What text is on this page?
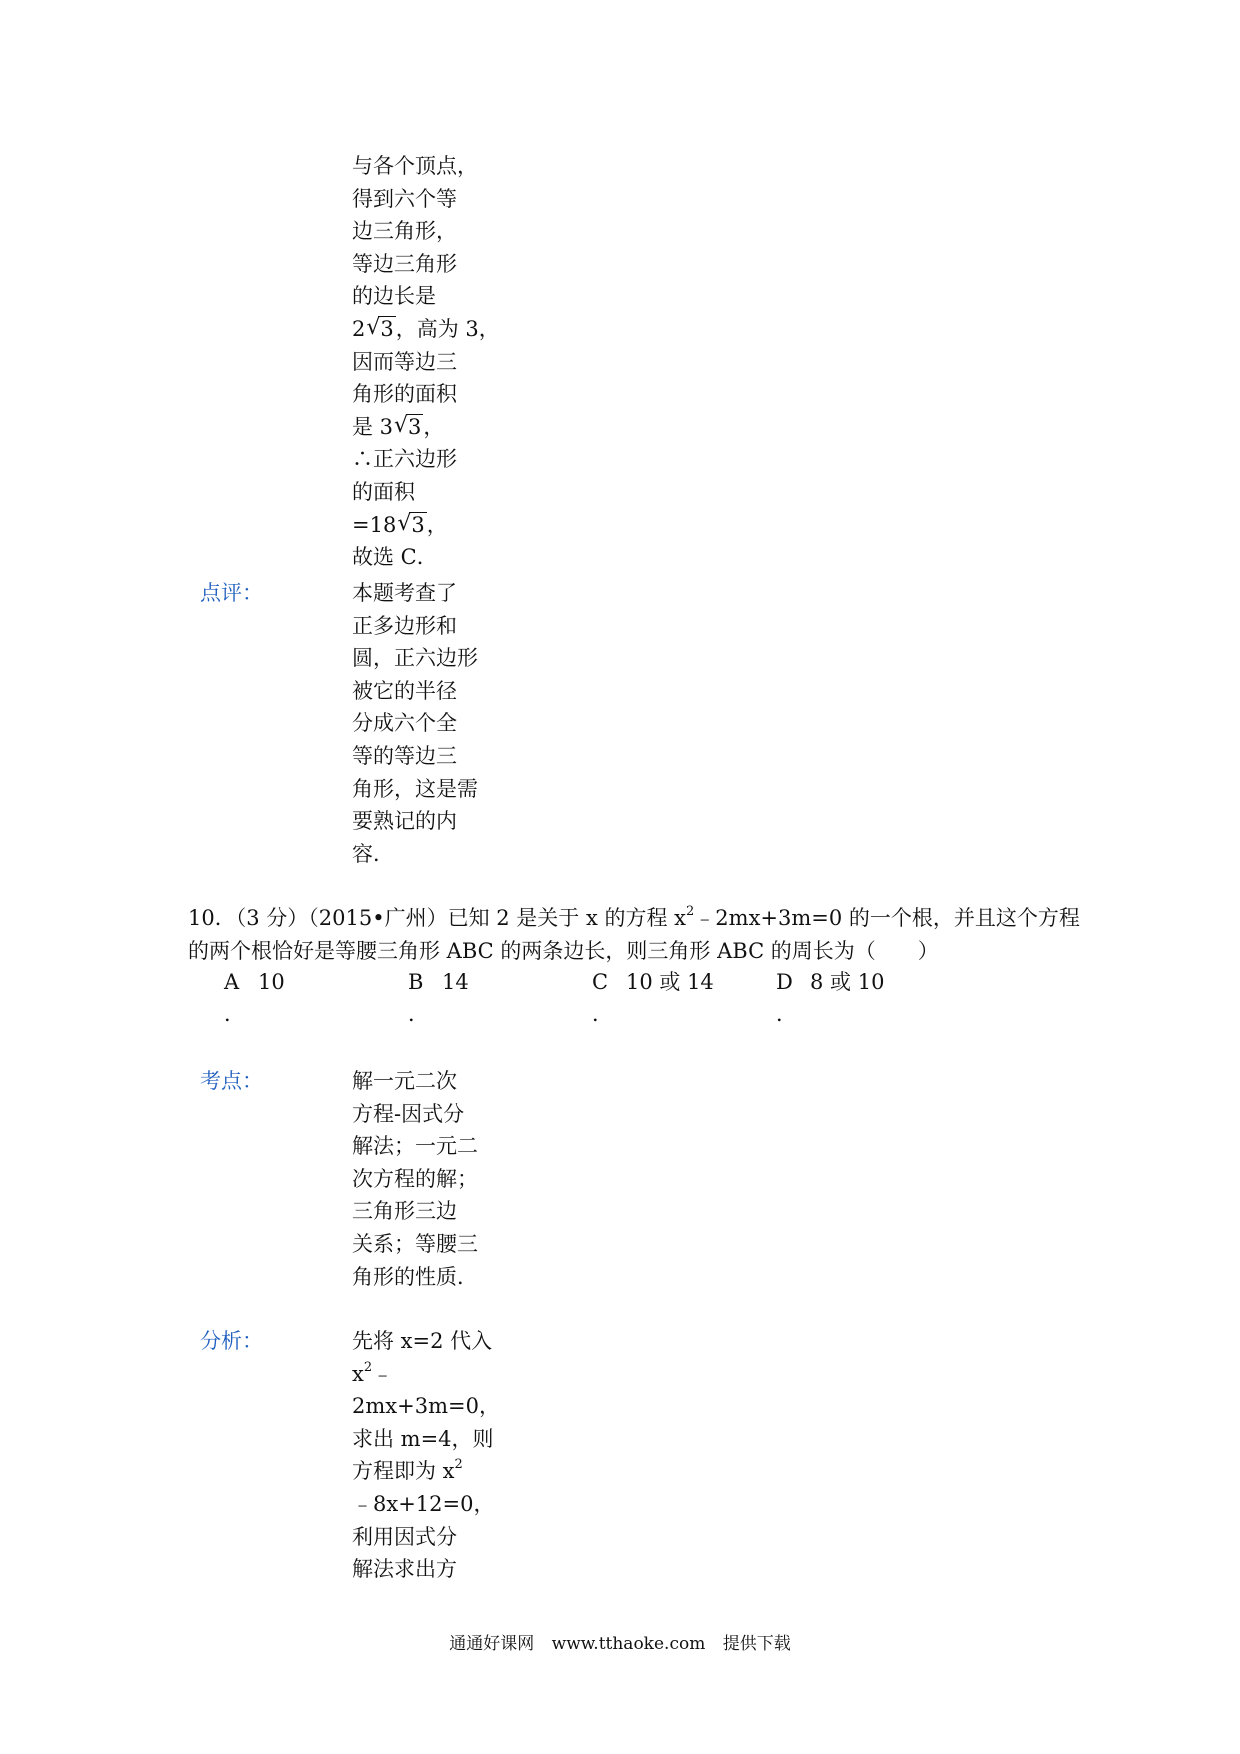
与各个顶点，
得到六个等
边三角形，
等边三角形
的边长是
2 √ 3，高为 3，
因而等边三
角形的面积
是 3 √ 3，
∴正六边形
的面积
=18 √ 3，
故选 C．
点评：	本题考查了
正多边形和
圆，正六边形
被它的半径
分成六个全
等的等边三
角形，这是需
要熟记的内
容．
10．（3 分）（2015•广州）已知 2 是关于 x 的方程 $x^2﹣2mx+3m=0$ 的一个根，并且这个方程
的两个根恰好是等腰三角形 ABC 的两条边长，则三角形 ABC 的周长为（　　）
A 10
．
B 14
．
C 10 或 14
．
D 8 或 10
．
考点：	解一元二次
方程-因式分
解法；一元二
次方程的解；
三角形三边
关系；等腰三
角形的性质．
分析：	先将 x=2 代入
$x^2﹣$
2mx+3m=0，
求出 m=4，则
方程即为 $x^2$
﹣8x+12=0，
利用因式分
解法求出方
通通好课网 www.tthaoke.com 提供下载
